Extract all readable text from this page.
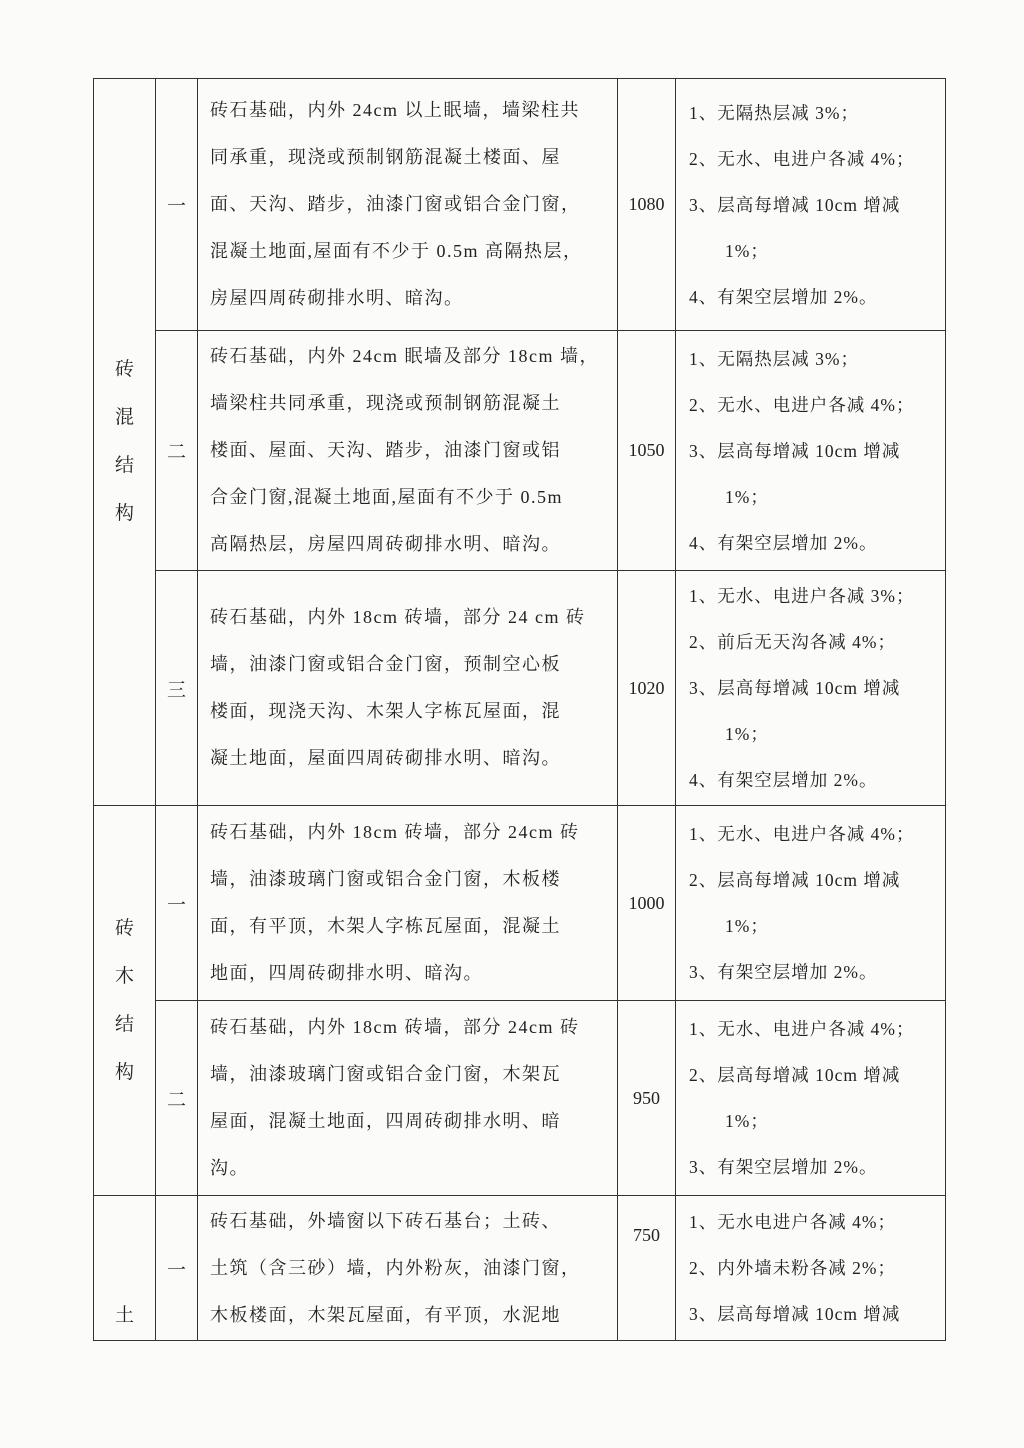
砖
混
结
构
一
砖石基础，内外 24cm 以上眠墙，墙梁柱共
同承重，现浇或预制钢筋混凝土楼面、屋
面、天沟、踏步，油漆门窗或铝合金门窗，
混凝土地面,屋面有不少于 0.5m 高隔热层，
房屋四周砖砌排水明、暗沟。
1080
1、无隔热层减 3%；
2、无水、电进户各减 4%；
3、层高每增减 10cm 增减
1%；
4、有架空层增加 2%。
二
砖石基础，内外 24cm 眠墙及部分 18cm 墙，
墙梁柱共同承重，现浇或预制钢筋混凝土
楼面、屋面、天沟、踏步，油漆门窗或铝
合金门窗,混凝土地面,屋面有不少于 0.5m
高隔热层，房屋四周砖砌排水明、暗沟。
1050
1、无隔热层减 3%；
2、无水、电进户各减 4%；
3、层高每增减 10cm 增减
1%；
4、有架空层增加 2%。
三
砖石基础，内外 18cm 砖墙，部分 24 cm 砖
墙，油漆门窗或铝合金门窗，预制空心板
楼面，现浇天沟、木架人字栋瓦屋面，混
凝土地面，屋面四周砖砌排水明、暗沟。
1020
1、无水、电进户各减 3%；
2、前后无天沟各减 4%；
3、层高每增减 10cm 增减
1%；
4、有架空层增加 2%。
砖
木
结
构
一
砖石基础，内外 18cm 砖墙，部分 24cm 砖
墙，油漆玻璃门窗或铝合金门窗，木板楼
面，有平顶，木架人字栋瓦屋面，混凝土
地面，四周砖砌排水明、暗沟。
1000
1、无水、电进户各减 4%；
2、层高每增减 10cm 增减
1%；
3、有架空层增加 2%。
二
砖石基础，内外 18cm 砖墙，部分 24cm 砖
墙，油漆玻璃门窗或铝合金门窗，木架瓦
屋面，混凝土地面，四周砖砌排水明、暗
沟。
950
1、无水、电进户各减 4%；
2、层高每增减 10cm 增减
1%；
3、有架空层增加 2%。
土
一
砖石基础，外墙窗以下砖石基台；土砖、
土筑（含三砂）墙，内外粉灰，油漆门窗，
木板楼面，木架瓦屋面，有平顶，水泥地
750
1、无水电进户各减 4%；
2、内外墙未粉各减 2%；
3、层高每增减 10cm 增减
